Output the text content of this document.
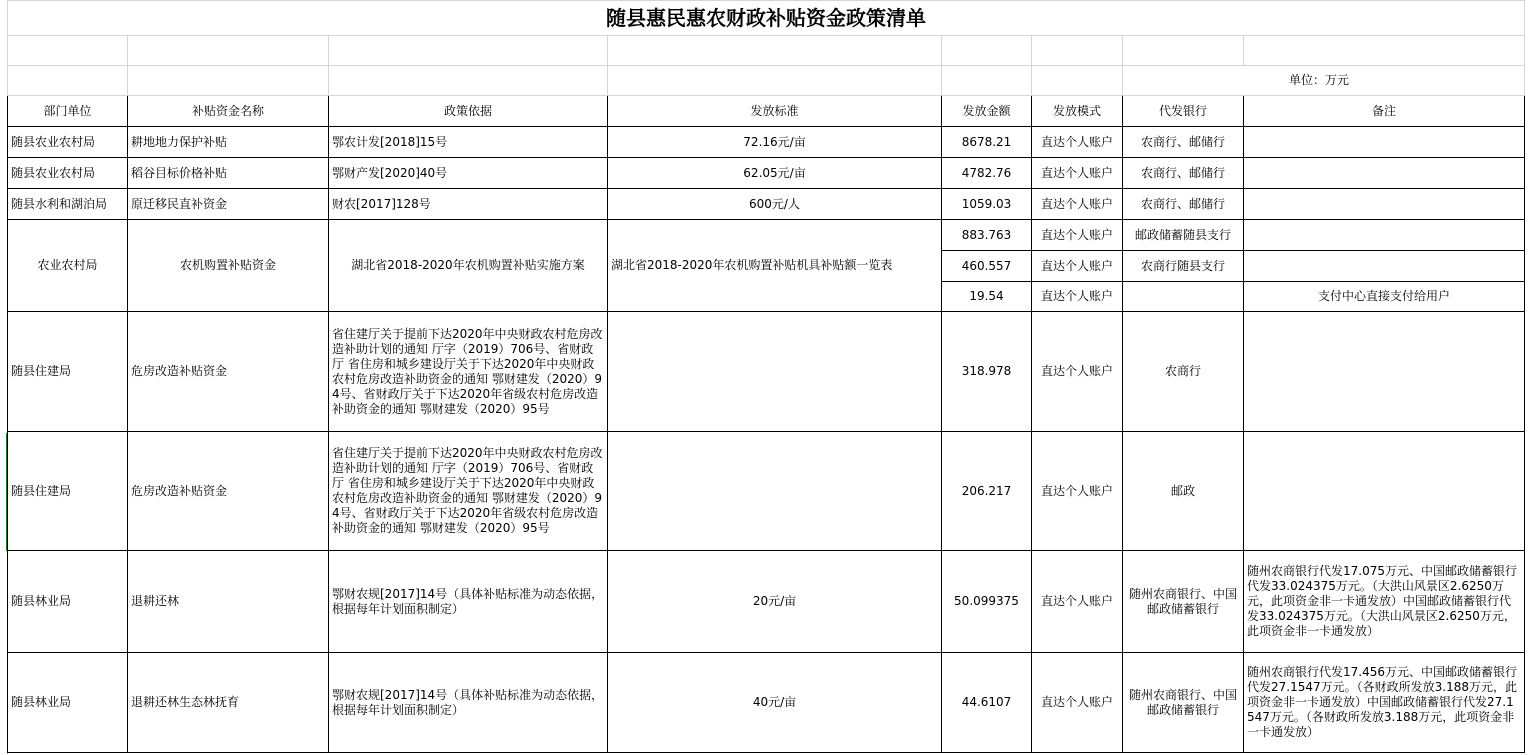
随县惠民惠农财政补贴资金政策清单							

						单位：万元	
部门单位	补贴资金名称	政策依据	发放标准	发放金额	发放模式	代发银行	备注
随县农业农村局	耕地地力保护补贴	鄂农计发[2018]15号	72.16元/亩	8678.21	直达个人账户	农商行、邮储行	
随县农业农村局	稻谷目标价格补贴	鄂财产发[2020]40号	62.05元/亩	4782.76	直达个人账户	农商行、邮储行	
随县水利和湖泊局	原迁移民直补资金	财农[2017]128号	600元/人	1059.03	直达个人账户	农商行、邮储行	
农业农村局	农机购置补贴资金	湖北省2018-2020年农机购置补贴实施方案	湖北省2018-2020年农机购置补贴机具补贴额一览表	883.763	直达个人账户	邮政储蓄随县支行	
				460.557	直达个人账户	农商行随县支行	
				19.54	直达个人账户		支付中心直接支付给用户
随县住建局	危房改造补贴资金	省住建厅关于提前下达2020年中央财政农村危房改造补助计划的通知 厅字（2019）706号、省财政厅 省住房和城乡建设厅关于下达2020年中央财政农村危房改造补助资金的通知 鄂财建发（2020）94号、省财政厅关于下达2020年省级农村危房改造补助资金的通知 鄂财建发（2020）95号		318.978	直达个人账户	农商行	
随县住建局	危房改造补贴资金	省住建厅关于提前下达2020年中央财政农村危房改造补助计划的通知 厅字（2019）706号、省财政厅 省住房和城乡建设厅关于下达2020年中央财政农村危房改造补助资金的通知 鄂财建发（2020）94号、省财政厅关于下达2020年省级农村危房改造补助资金的通知 鄂财建发（2020）95号		206.217	直达个人账户	邮政	
随县林业局	退耕还林	鄂财农规[2017]14号（具体补贴标准为动态依据，根据每年计划面积制定）	20元/亩	50.099375	直达个人账户	随州农商银行、中国邮政储蓄银行	随州农商银行代发17.075万元、中国邮政储蓄银行代发33.024375万元。（大洪山风景区2.6250万元，此项资金非一卡通发放）中国邮政储蓄银行代发33.024375万元。（大洪山风景区2.6250万元，此项资金非一卡通发放）
随县林业局	退耕还林生态林抚育	鄂财农规[2017]14号（具体补贴标准为动态依据，根据每年计划面积制定）	40元/亩	44.6107	直达个人账户	随州农商银行、中国邮政储蓄银行	随州农商银行代发17.456万元、中国邮政储蓄银行代发27.1547万元。（各财政所发放3.188万元，此项资金非一卡通发放）中国邮政储蓄银行代发27.1547万元。（各财政所发放3.188万元，此项资金非一卡通发放）
